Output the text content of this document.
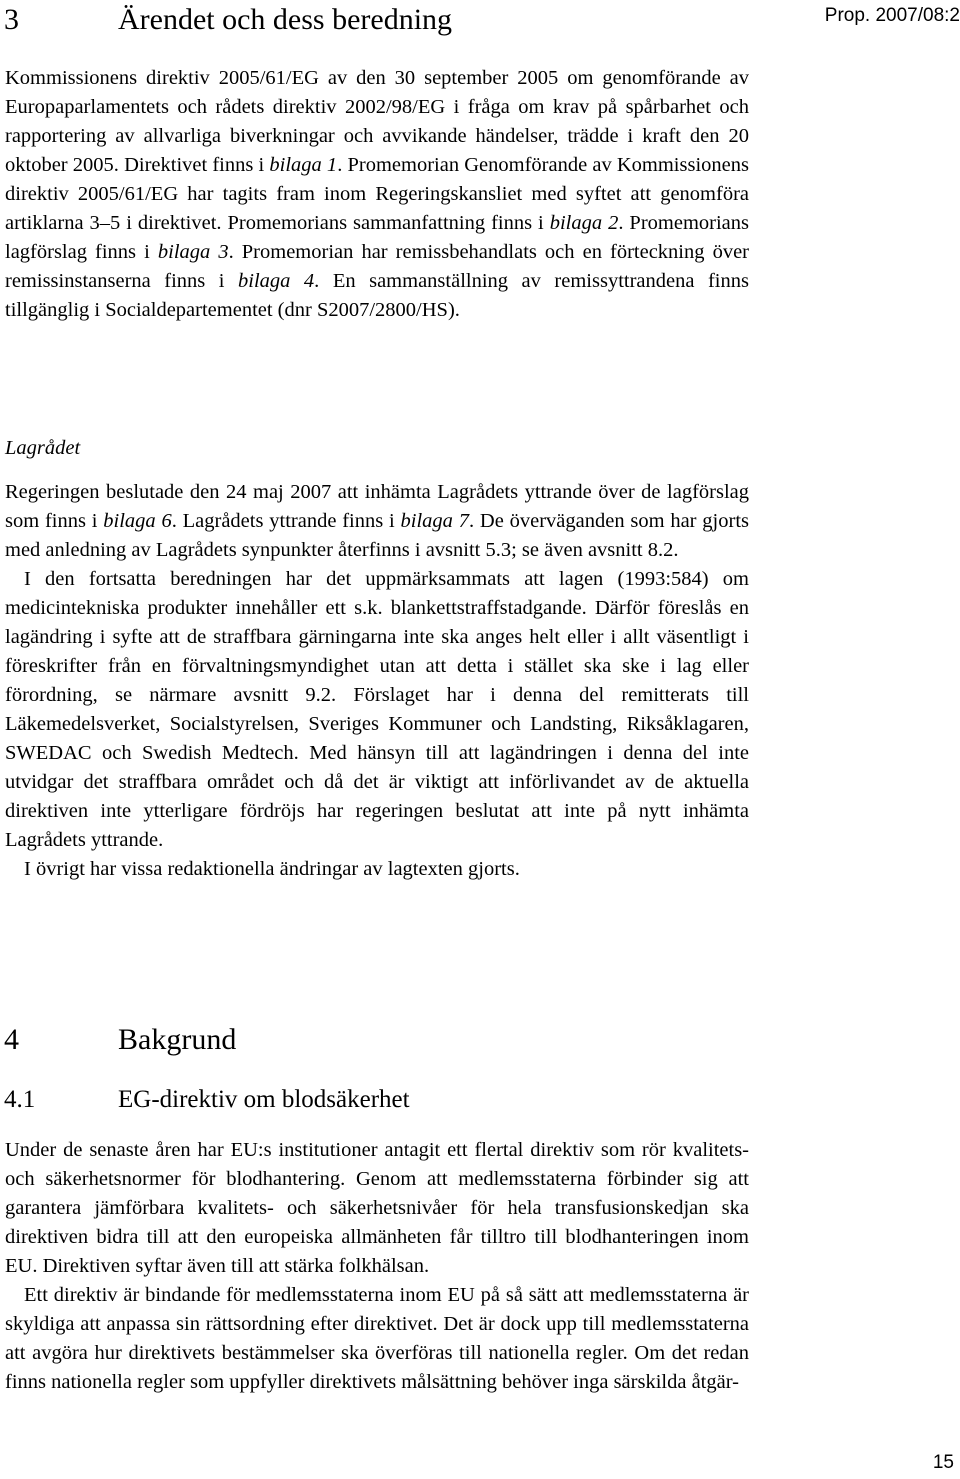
3	Ärendet och dess beredning	Prop. 2007/08:2

Kommissionens direktiv 2005/61/EG av den 30 september 2005 om genomförande av Europaparlamentets och rådets direktiv 2002/98/EG i fråga om krav på spårbarhet och rapportering av allvarliga biverkningar och avvikande händelser, trädde i kraft den 20 oktober 2005. Direktivet finns i bilaga 1. Promemorian Genomförande av Kommissionens direktiv 2005/61/EG har tagits fram inom Regeringskansliet med syftet att genomföra artiklarna 3–5 i direktivet. Promemorians sammanfattning finns i bilaga 2. Promemorians lagförslag finns i bilaga 3. Promemorian har remissbehandlats och en förteckning över remissinstanserna finns i bilaga 4. En sammanställning av remissyttrandena finns tillgänglig i Socialdepartementet (dnr S2007/2800/HS).

Lagrådet

Regeringen beslutade den 24 maj 2007 att inhämta Lagrådets yttrande över de lagförslag som finns i bilaga 6. Lagrådets yttrande finns i bilaga 7. De överväganden som har gjorts med anledning av Lagrådets synpunkter återfinns i avsnitt 5.3; se även avsnitt 8.2.

I den fortsatta beredningen har det uppmärksammats att lagen (1993:584) om medicintekniska produkter innehåller ett s.k. blankettstraffstadgande. Därför föreslås en lagändring i syfte att de straffbara gärningarna inte ska anges helt eller i allt väsentligt i föreskrifter från en förvaltningsmyndighet utan att detta i stället ska ske i lag eller förordning, se närmare avsnitt 9.2. Förslaget har i denna del remitterats till Läkemedelsverket, Socialstyrelsen, Sveriges Kommuner och Landsting, Riksåklagaren, SWEDAC och Swedish Medtech. Med hänsyn till att lagändringen i denna del inte utvidgar det straffbara området och då det är viktigt att införlivandet av de aktuella direktiven inte ytterligare fördröjs har regeringen beslutat att inte på nytt inhämta Lagrådets yttrande.

I övrigt har vissa redaktionella ändringar av lagtexten gjorts.

4	Bakgrund
4.1	EG-direktiv om blodsäkerhet

Under de senaste åren har EU:s institutioner antagit ett flertal direktiv som rör kvalitets- och säkerhetsnormer för blodhantering. Genom att medlemsstaterna förbinder sig att garantera jämförbara kvalitets- och säkerhetsnivåer för hela transfusionskedjan ska direktiven bidra till att den europeiska allmänheten får tilltro till blodhanteringen inom EU. Direktiven syftar även till att stärka folkhälsan.

Ett direktiv är bindande för medlemsstaterna inom EU på så sätt att medlemsstaterna är skyldiga att anpassa sin rättsordning efter direktivet. Det är dock upp till medlemsstaterna att avgöra hur direktivets bestämmelser ska överföras till nationella regler. Om det redan finns nationella regler som uppfyller direktivets målsättning behöver inga särskilda åtgär-

15
